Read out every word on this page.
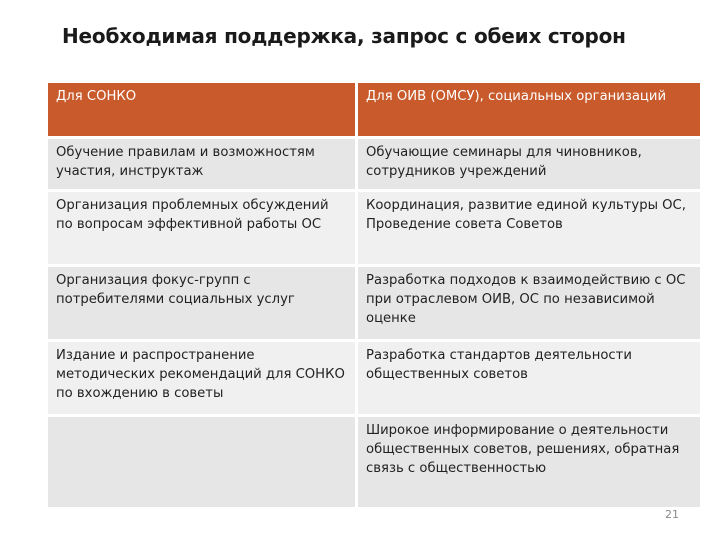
Необходимая поддержка, запрос с обеих сторон
Для СОНКО	Для ОИВ (ОМСУ), социальных организаций
Обучение правилам и возможностям участия, инструктаж	Обучающие семинары для чиновников, сотрудников учреждений
Организация проблемных обсуждений по вопросам эффективной работы ОС	Координация, развитие единой культуры ОС, Проведение совета Советов
Организация фокус-групп с потребителями социальных услуг	Разработка подходов к взаимодействию с ОС при отраслевом ОИВ, ОС по независимой оценке
Издание и распространение методических рекомендаций для СОНКО по вхождению в советы	Разработка стандартов деятельности общественных советов
	Широкое информирование о деятельности общественных советов, решениях, обратная связь с общественностью
21
